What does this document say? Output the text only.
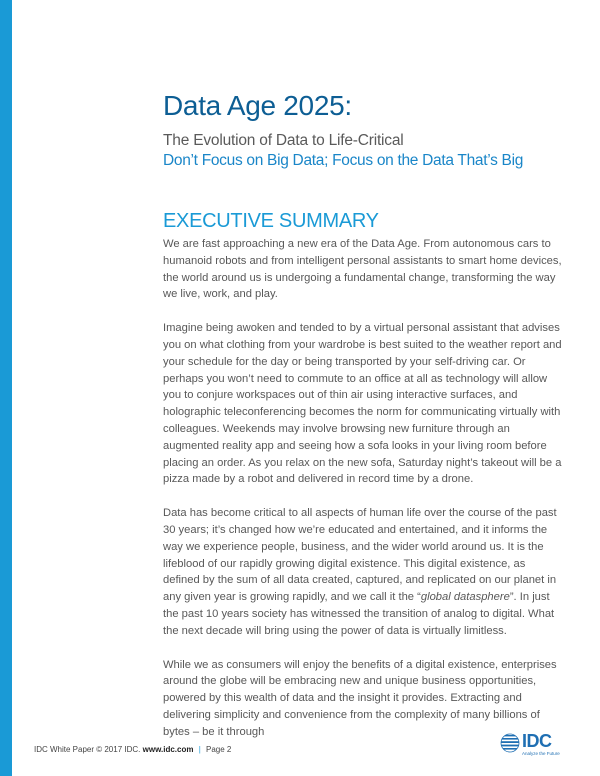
Data Age 2025:
The Evolution of Data to Life-Critical
Don’t Focus on Big Data; Focus on the Data That’s Big
EXECUTIVE SUMMARY

We are fast approaching a new era of the Data Age. From autonomous cars to humanoid robots and from intelligent personal assistants to smart home devices, the world around us is undergoing a fundamental change, transforming the way we live, work, and play.

Imagine being awoken and tended to by a virtual personal assistant that advises you on what clothing from your wardrobe is best suited to the weather report and your schedule for the day or being transported by your self-driving car. Or perhaps you won’t need to commute to an office at all as technology will allow you to conjure workspaces out of thin air using interactive surfaces, and holographic teleconferencing becomes the norm for communicating virtually with colleagues. Weekends may involve browsing new furniture through an augmented reality app and seeing how a sofa looks in your living room before placing an order. As you relax on the new sofa, Saturday night’s takeout will be a pizza made by a robot and delivered in record time by a drone.

Data has become critical to all aspects of human life over the course of the past 30 years; it’s changed how we’re educated and entertained, and it informs the way we experience people, business, and the wider world around us. It is the lifeblood of our rapidly growing digital existence. This digital existence, as defined by the sum of all data created, captured, and replicated on our planet in any given year is growing rapidly, and we call it the “global datasphere”. In just the past 10 years society has witnessed the transition of analog to digital. What the next decade will bring using the power of data is virtually limitless.

While we as consumers will enjoy the benefits of a digital existence, enterprises around the globe will be embracing new and unique business opportunities, powered by this wealth of data and the insight it provides. Extracting and delivering simplicity and convenience from the complexity of many billions of bytes – be it through

IDC White Paper © 2017 IDC. www.idc.com | Page 2	IDC
Analyze the Future
